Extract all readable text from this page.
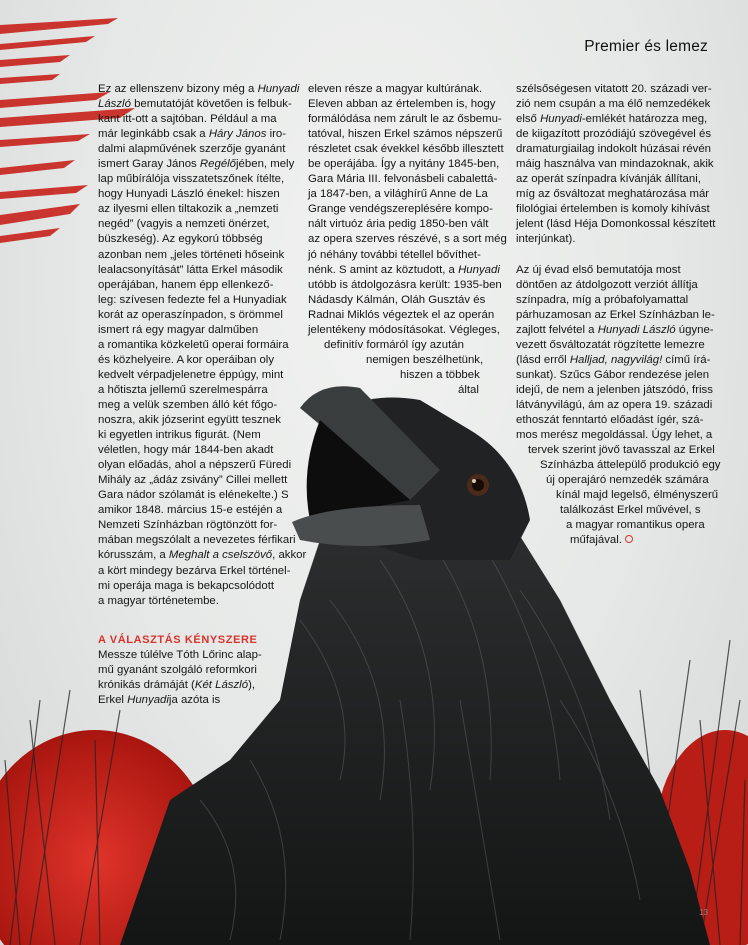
Premier és lemez
Ez az ellenszenv bizony még a Hunyadi
László bemutatóját követően is felbuk-
kant itt-ott a sajtóban. Például a ma
már leginkább csak a Háry János iro-
dalmi alapművének szerzője gyanánt
ismert Garay János Regélőjében, mely
lap műbírálója visszatetszőnek ítélte,
hogy Hunyadi László énekel: hiszen
az ilyesmi ellen tiltakozik a „nemzeti
negéd” (vagyis a nemzeti önérzet,
büszkeség). Az egykorú többség
azonban nem „jeles történeti hőseink
lealacsonyítását” látta Erkel második
operájában, hanem épp ellenkező-
leg: szívesen fedezte fel a Hunyadiak
korát az operaszínpadon, s örömmel
ismert rá egy magyar dalműben
a romantika közkeletű operai formáira
és közhelyeire. A kor operáiban oly
kedvelt vérpadjelenetre éppúgy, mint
a hőtiszta jellemű szerelmespárra
meg a velük szemben álló két főgo-
noszra, akik józserint együtt tesznek
ki egyetlen intrikus figurát. (Nem
véletlen, hogy már 1844-ben akadt
olyan előadás, ahol a népszerű Füredi
Mihály az „ádáz zsivány” Cillei mellett
Gara nádor szólamát is elénekelte.) S
amikor 1848. március 15-e estéjén a
Nemzeti Színházban rögtönzött for-
mában megszólalt a nevezetes férfikari
kórusszám, a Meghalt a cselszövő, akkor
a kört mindegy bezárva Erkel történel-
mi operája maga is bekapcsolódott
a magyar történetembe.
A VÁLASZTÁS KÉNYSZERE
Messze túlélve Tóth Lőrinc alap-
mű gyanánt szolgáló reformkori
krónikás drámáját (Két László),
Erkel Hunyadija azóta is
eleven része a magyar kultúrának.
Eleven abban az értelemben is, hogy
formálódása nem zárult le az ősbemu-
tatóval, hiszen Erkel számos népszerű
részletet csak évekkel később illesztett
be operájába. Így a nyitány 1845-ben,
Gara Mária III. felvonásbeli cabalettá-
ja 1847-ben, a világhírű Anne de La
Grange vendégszereplésére kompo-
nált virtuóz ária pedig 1850-ben vált
az opera szerves részévé, s a sort még
jó néhány további tétellel bővíthet-
nénk. S amint az köztudott, a Hunyadi
utóbb is átdolgozásra került: 1935-ben
Nádasdy Kálmán, Oláh Gusztáv és
Radnai Miklós végeztek el az operán
jelentékeny módosításokat. Végleges,
definitív formáról így azután
nemigen beszélhetünk,
hiszen a többek
által
szélsőségesen vitatott 20. századi ver-
zió nem csupán a ma élő nemzedékek
első Hunyadi-emlékét határozza meg,
de kiigazított prozódiájú szövegével és
dramaturgiailag indokolt húzásai révén
máig használva van mindazoknak, akik
az operát színpadra kívánják állítani,
míg az ősváltozat meghatározása már
filológiai értelemben is komoly kihívást
jelent (lásd Héja Domonkossal készített
interjúnkat).
Az új évad első bemutatója most
döntően az átdolgozott verziót állítja
színpadra, míg a próbafolyamattal
párhuzamosan az Erkel Színházban le-
zajlott felvétel a Hunyadi László úgyne-
vezett ősváltozatát rögzítette lemezre
(lásd erről Halljad, nagyvilág! című írá-
sunkat). Szűcs Gábor rendezése jelen
idejű, de nem a jelenben játszódó, friss
látványvilágú, ám az opera 19. századi
ethoszát fenntartó előadást ígér, szá-
mos merész megoldással. Úgy lehet, a
tervek szerint jövő tavasszal az Erkel
Színházba áttelepülő produkció egy
új operajáró nemzedék számára
kínál majd legelső, élményszerű
találkozást Erkel művével, s
a magyar romantikus opera
műfajával.
13
